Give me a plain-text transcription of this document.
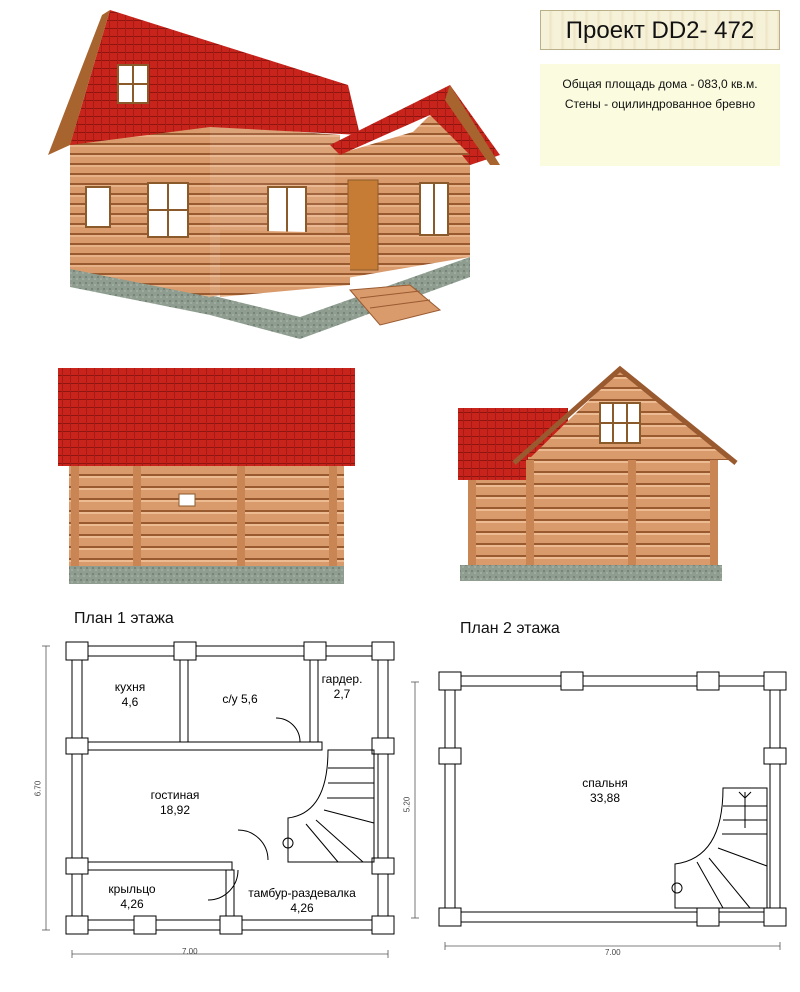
Проект DD2- 472
Общая площадь дома - 083,0 кв.м.
Стены - оцилиндрованное бревно
План 1 этажа
План 2 этажа
7.00
6.70
кухня
4,6	с/у 5,6
гардер.
2,7
гостиная
18,92
крыльцо
4,26
тамбур-раздевалка
4,26
7.00
5.20
спальня
33,88
